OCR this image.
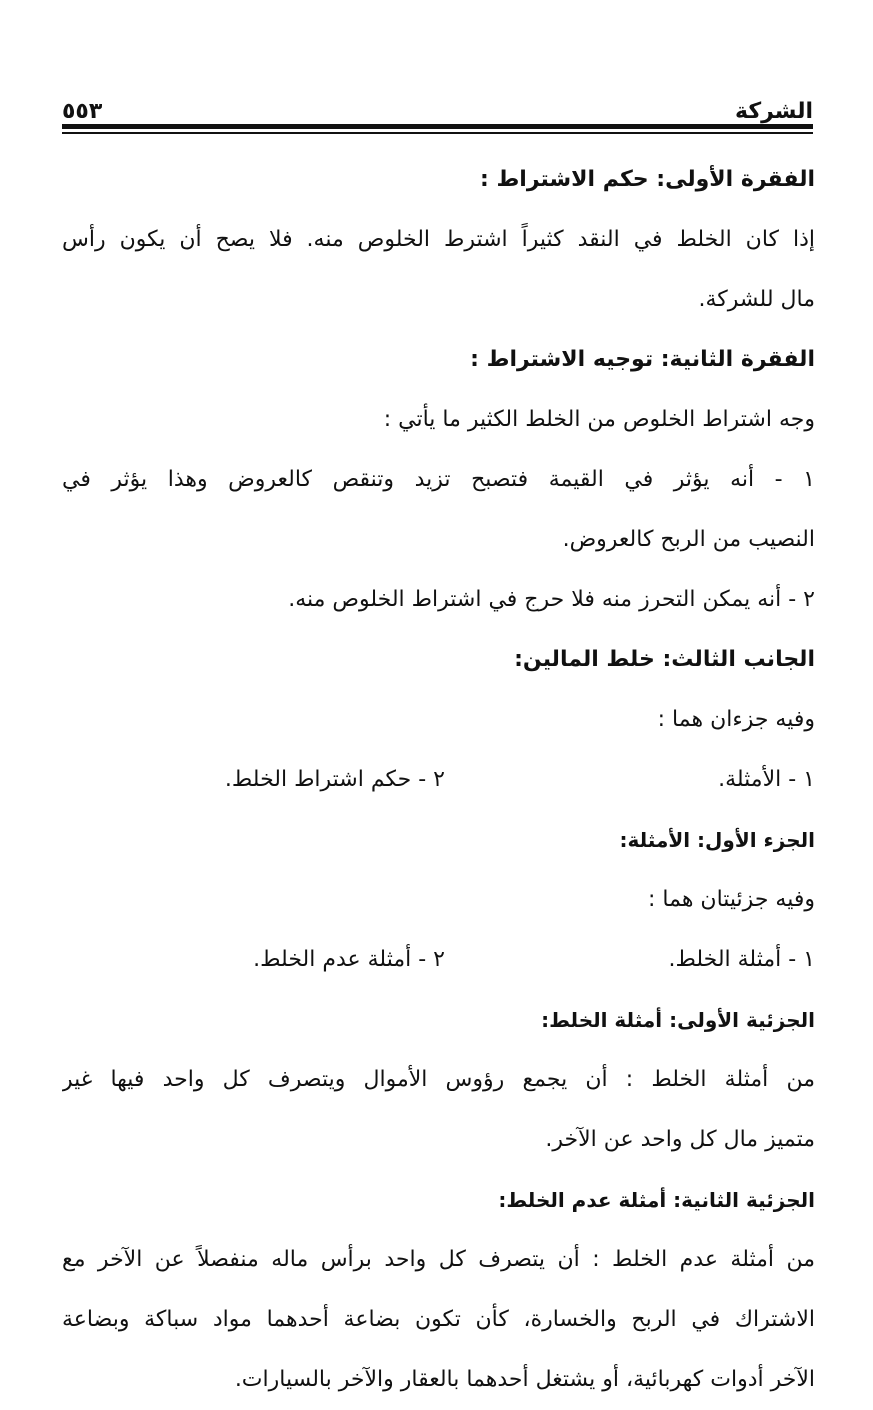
٥٥٣	الشركة
الفقرة الأولى: حكم الاشتراط :
إذا كان الخلط في النقد كثيراً اشترط الخلوص منه. فلا يصح أن يكون رأس
مال للشركة.
الفقرة الثانية: توجيه الاشتراط :
وجه اشتراط الخلوص من الخلط الكثير ما يأتي :
١ - أنه يؤثر في القيمة فتصبح تزيد وتنقص كالعروض وهذا يؤثر في
النصيب من الربح كالعروض.
٢ - أنه يمكن التحرز منه فلا حرج في اشتراط الخلوص منه.
الجانب الثالث: خلط المالين:
وفيه جزءان هما :
١ - الأمثلة.
٢ - حكم اشتراط الخلط.
الجزء الأول: الأمثلة:
وفيه جزئيتان هما :
١ - أمثلة الخلط.
٢ - أمثلة عدم الخلط.
الجزئية الأولى: أمثلة الخلط:
من أمثلة الخلط : أن يجمع رؤوس الأموال ويتصرف كل واحد فيها غير
متميز مال كل واحد عن الآخر.
الجزئية الثانية: أمثلة عدم الخلط:
من أمثلة عدم الخلط : أن يتصرف كل واحد برأس ماله منفصلاً عن الآخر مع
الاشتراك في الربح والخسارة، كأن تكون بضاعة أحدهما مواد سباكة وبضاعة
الآخر أدوات كهربائية، أو يشتغل أحدهما بالعقار والآخر بالسيارات.
